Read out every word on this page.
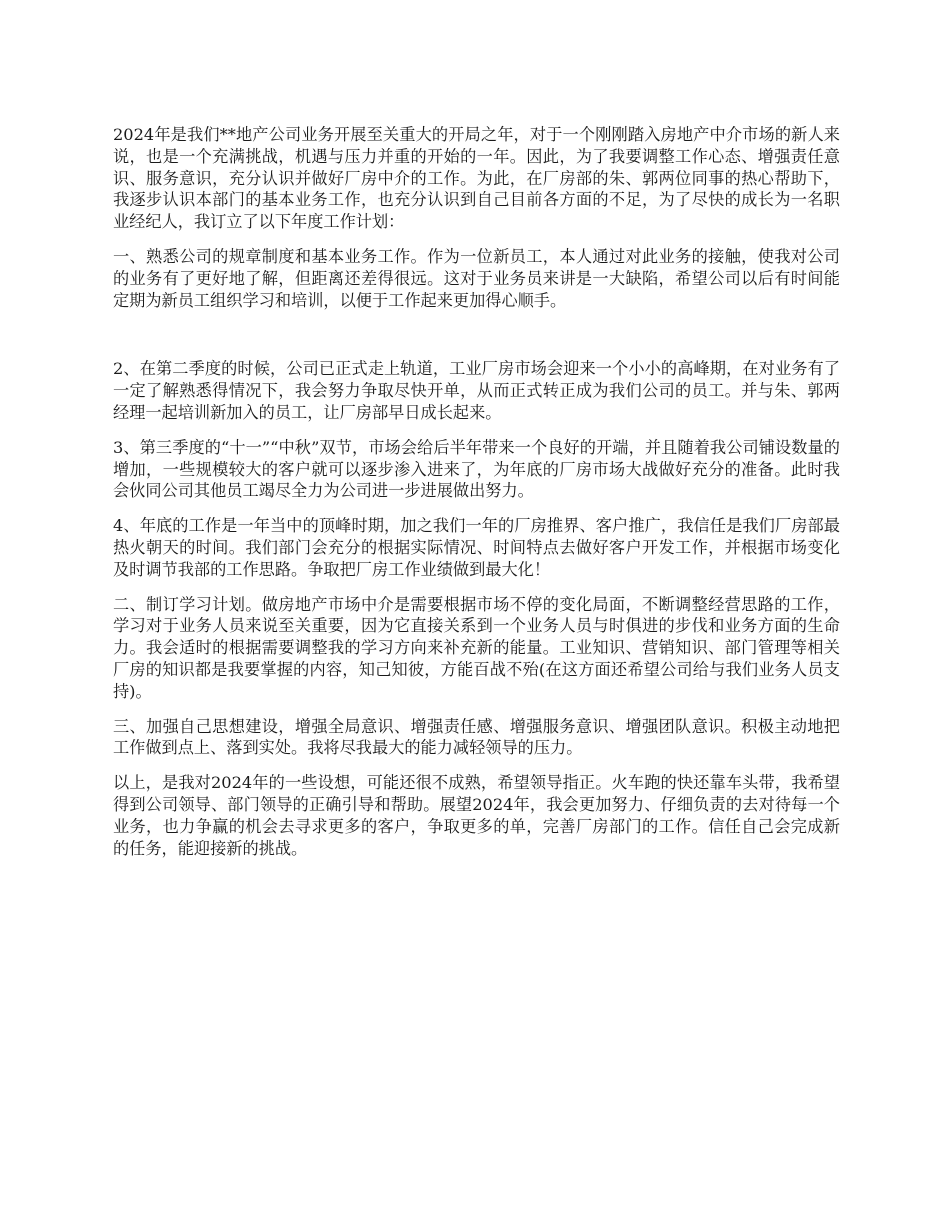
2024年是我们**地产公司业务开展至关重大的开局之年，对于一个刚刚踏入房地产中介市场的新人来说，也是一个充满挑战，机遇与压力并重的开始的一年。因此，为了我要调整工作心态、增强责任意识、服务意识，充分认识并做好厂房中介的工作。为此，在厂房部的朱、郭两位同事的热心帮助下，我逐步认识本部门的基本业务工作，也充分认识到自己目前各方面的不足，为了尽快的成长为一名职业经纪人，我订立了以下年度工作计划：

一、熟悉公司的规章制度和基本业务工作。作为一位新员工，本人通过对此业务的接触，使我对公司的业务有了更好地了解，但距离还差得很远。这对于业务员来讲是一大缺陷，希望公司以后有时间能定期为新员工组织学习和培训，以便于工作起来更加得心顺手。

2、在第二季度的时候，公司已正式走上轨道，工业厂房市场会迎来一个小小的高峰期，在对业务有了一定了解熟悉得情况下，我会努力争取尽快开单，从而正式转正成为我们公司的员工。并与朱、郭两经理一起培训新加入的员工，让厂房部早日成长起来。

3、第三季度的“十一”“中秋”双节，市场会给后半年带来一个良好的开端，并且随着我公司铺设数量的增加，一些规模较大的客户就可以逐步渗入进来了，为年底的厂房市场大战做好充分的准备。此时我会伙同公司其他员工竭尽全力为公司进一步进展做出努力。

4、年底的工作是一年当中的顶峰时期，加之我们一年的厂房推界、客户推广，我信任是我们厂房部最热火朝天的时间。我们部门会充分的根据实际情况、时间特点去做好客户开发工作，并根据市场变化及时调节我部的工作思路。争取把厂房工作业绩做到最大化！

二、制订学习计划。做房地产市场中介是需要根据市场不停的变化局面，不断调整经营思路的工作，学习对于业务人员来说至关重要，因为它直接关系到一个业务人员与时俱进的步伐和业务方面的生命力。我会适时的根据需要调整我的学习方向来补充新的能量。工业知识、营销知识、部门管理等相关厂房的知识都是我要掌握的内容，知己知彼，方能百战不殆(在这方面还希望公司给与我们业务人员支持)。

三、加强自己思想建设，增强全局意识、增强责任感、增强服务意识、增强团队意识。积极主动地把工作做到点上、落到实处。我将尽我最大的能力减轻领导的压力。

以上，是我对2024年的一些设想，可能还很不成熟，希望领导指正。火车跑的快还靠车头带，我希望得到公司领导、部门领导的正确引导和帮助。展望2024年，我会更加努力、仔细负责的去对待每一个业务，也力争赢的机会去寻求更多的客户，争取更多的单，完善厂房部门的工作。信任自己会完成新的任务，能迎接新的挑战。
